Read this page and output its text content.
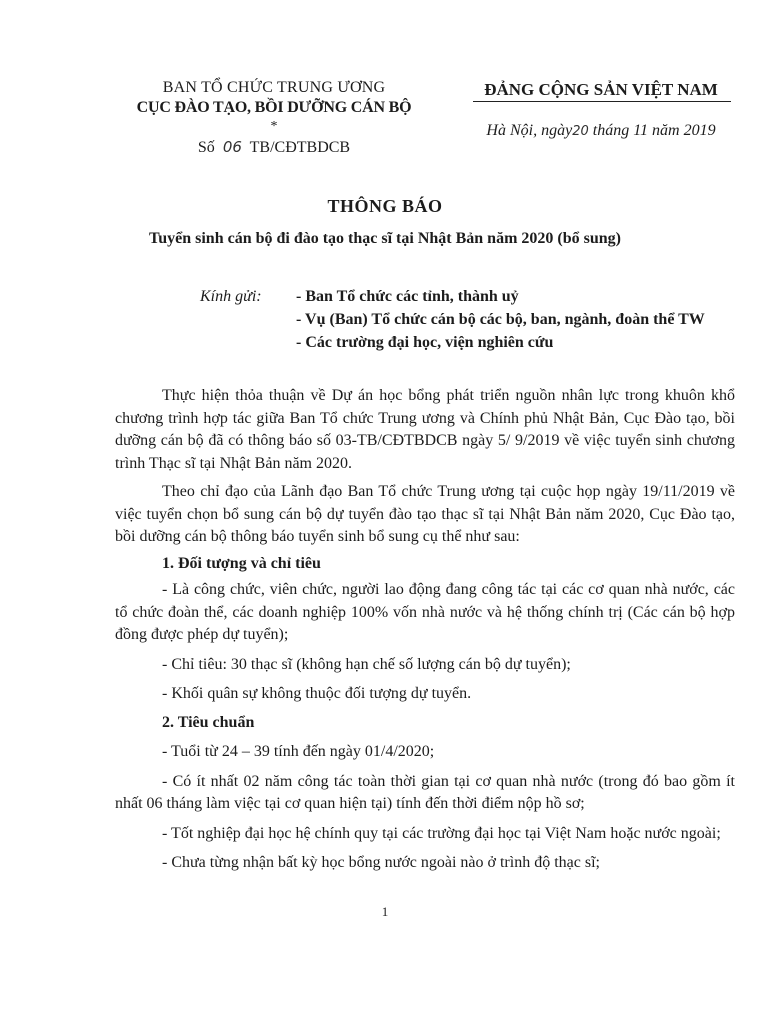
BAN TỔ CHỨC TRUNG ƯƠNG
CỤC ĐÀO TẠO, BỒI DƯỠNG CÁN BỘ
*
Số 06 TB/CĐTBDCB
ĐẢNG CỘNG SẢN VIỆT NAM
Hà Nội, ngày20 tháng 11 năm 2019
THÔNG BÁO
Tuyển sinh cán bộ đi đào tạo thạc sĩ tại Nhật Bản năm 2020 (bổ sung)
Kính gửi: - Ban Tổ chức các tỉnh, thành uỷ
- Vụ (Ban) Tổ chức cán bộ các bộ, ban, ngành, đoàn thể TW
- Các trường đại học, viện nghiên cứu

Thực hiện thỏa thuận về Dự án học bổng phát triển nguồn nhân lực trong khuôn khổ chương trình hợp tác giữa Ban Tổ chức Trung ương và Chính phủ Nhật Bản, Cục Đào tạo, bồi dưỡng cán bộ đã có thông báo số 03-TB/CĐTBDCB ngày 5/ 9/2019 về việc tuyển sinh chương trình Thạc sĩ tại Nhật Bản năm 2020.

Theo chỉ đạo của Lãnh đạo Ban Tổ chức Trung ương tại cuộc họp ngày 19/11/2019 về việc tuyển chọn bổ sung cán bộ dự tuyển đào tạo thạc sĩ tại Nhật Bản năm 2020, Cục Đào tạo, bồi dưỡng cán bộ thông báo tuyển sinh bổ sung cụ thể như sau:

1. Đối tượng và chỉ tiêu

- Là công chức, viên chức, người lao động đang công tác tại các cơ quan nhà nước, các tổ chức đoàn thể, các doanh nghiệp 100% vốn nhà nước và hệ thống chính trị (Các cán bộ hợp đồng được phép dự tuyển);

- Chỉ tiêu: 30 thạc sĩ (không hạn chế số lượng cán bộ dự tuyển);

- Khối quân sự không thuộc đối tượng dự tuyển.

2. Tiêu chuẩn

- Tuổi từ 24 – 39 tính đến ngày 01/4/2020;

- Có ít nhất 02 năm công tác toàn thời gian tại cơ quan nhà nước (trong đó bao gồm ít nhất 06 tháng làm việc tại cơ quan hiện tại) tính đến thời điểm nộp hồ sơ;

- Tốt nghiệp đại học hệ chính quy tại các trường đại học tại Việt Nam hoặc nước ngoài;

- Chưa từng nhận bất kỳ học bổng nước ngoài nào ở trình độ thạc sĩ;

1
